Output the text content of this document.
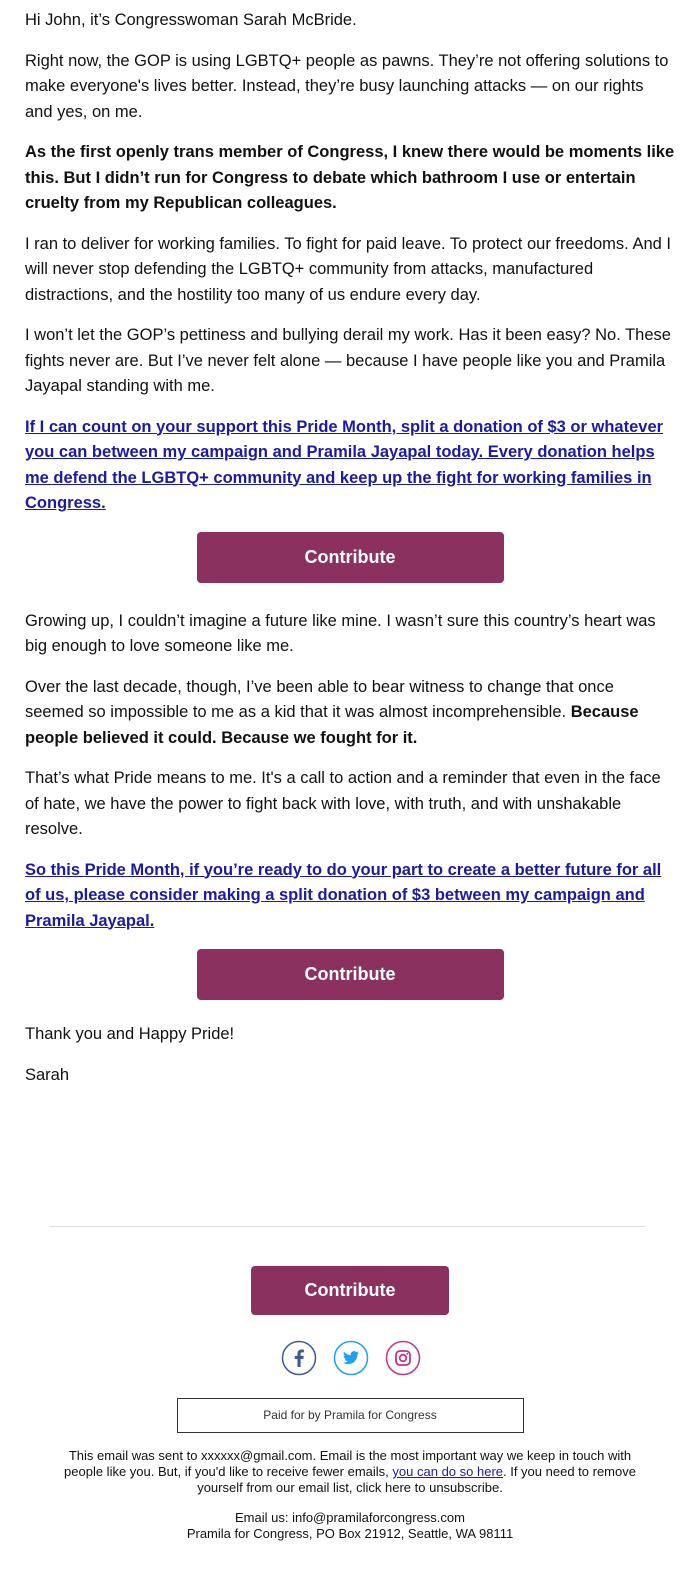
Hi John, it’s Congresswoman Sarah McBride.

Right now, the GOP is using LGBTQ+ people as pawns. They’re not offering solutions to make everyone's lives better. Instead, they’re busy launching attacks — on our rights and yes, on me.

As the first openly trans member of Congress, I knew there would be moments like this. But I didn’t run for Congress to debate which bathroom I use or entertain cruelty from my Republican colleagues.

I ran to deliver for working families. To fight for paid leave. To protect our freedoms. And I will never stop defending the LGBTQ+ community from attacks, manufactured distractions, and the hostility too many of us endure every day.

I won’t let the GOP’s pettiness and bullying derail my work. Has it been easy? No. These fights never are. But I’ve never felt alone — because I have people like you and Pramila Jayapal standing with me.

If I can count on your support this Pride Month, split a donation of $3 or whatever you can between my campaign and Pramila Jayapal today. Every donation helps me defend the LGBTQ+ community and keep up the fight for working families in Congress.

Contribute

Growing up, I couldn’t imagine a future like mine. I wasn’t sure this country’s heart was big enough to love someone like me.

Over the last decade, though, I’ve been able to bear witness to change that once seemed so impossible to me as a kid that it was almost incomprehensible. Because people believed it could. Because we fought for it.

That’s what Pride means to me. It's a call to action and a reminder that even in the face of hate, we have the power to fight back with love, with truth, and with unshakable resolve.

So this Pride Month, if you’re ready to do your part to create a better future for all of us, please consider making a split donation of $3 between my campaign and Pramila Jayapal.

Contribute

Thank you and Happy Pride!

Sarah

Contribute

Paid for by Pramila for Congress
This email was sent to xxxxxx@gmail.com. Email is the most important way we keep in touch with people like you. But, if you'd like to receive fewer emails, you can do so here. If you need to remove yourself from our email list, click here to unsubscribe.
Email us: info@pramilaforcongress.com
Pramila for Congress, PO Box 21912, Seattle, WA 98111
